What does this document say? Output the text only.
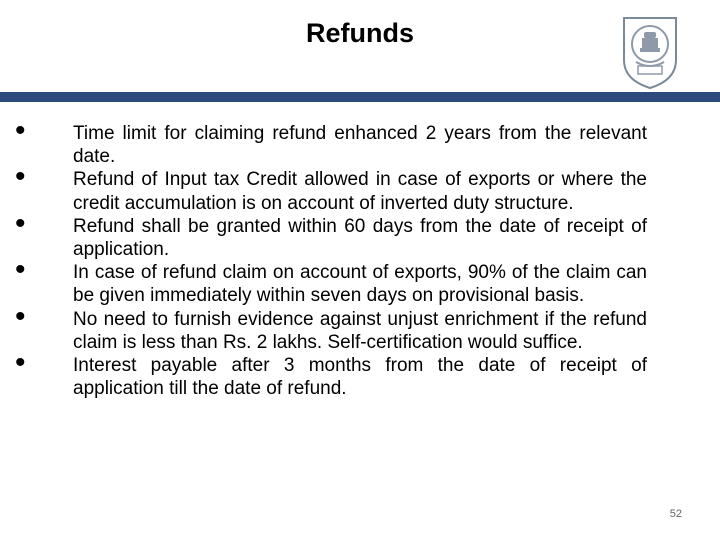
Refunds
• Time limit for claiming refund enhanced 2 years from the relevant date.
• Refund of Input tax Credit allowed in case of exports or where the credit accumulation is on account of inverted duty structure.
• Refund shall be granted within 60 days from the date of receipt of application.
• In case of refund claim on account of exports, 90% of the claim can be given immediately within seven days on provisional basis.
• No need to furnish evidence against unjust enrichment if the refund claim is less than Rs. 2 lakhs. Self-certification would suffice.
• Interest payable after 3 months from the date of receipt of application till the date of refund.
52
